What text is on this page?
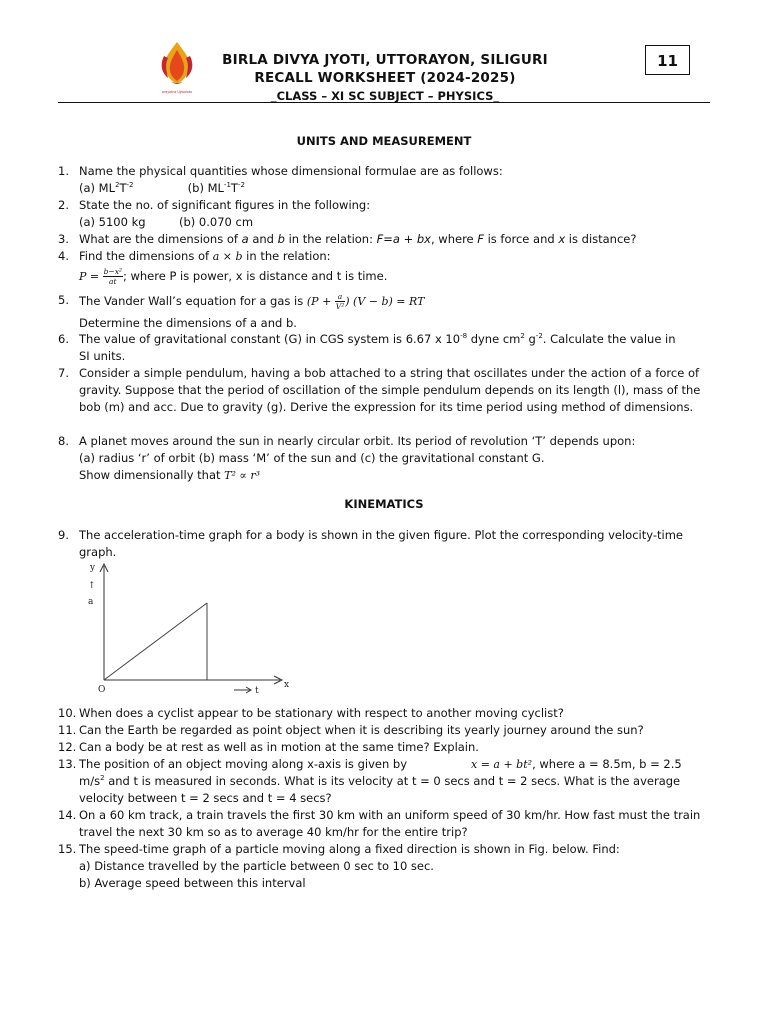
prayatna Ujjwalata
BIRLA DIVYA JYOTI, UTTORAYON, SILIGURI
RECALL WORKSHEET (2024-2025)
_CLASS – XI SC SUBJECT – PHYSICS_
11
UNITS AND MEASUREMENT
1. Name the physical quantities whose dimensional formulae are as follows:
(a) $ML^2T^{-2}$	(b) $ML^{-1}T^{-2}$
2. State the no. of significant figures in the following:
(a) 5100 kg	(b) 0.070 cm
3. What are the dimensions of a and b in the relation: F=a + bx, where F is force and x is distance?
4. Find the dimensions of a × b in the relation:
$P = \frac{\text{b−x²}}{at}$ ; where P is power, x is distance and t is time.
5. The Vander Wall’s equation for a gas is ($P + \frac{a}{\text{V²}}$ ) (V − b) = RT
Determine the dimensions of a and b.
6. The value of gravitational constant (G) in CGS system is 6.67 x $10^{-8}$ dyne $cm^2$ $g^{-2}$. Calculate the value in
SI units.
7. Consider a simple pendulum, having a bob attached to a string that oscillates under the action of a force of gravity. Suppose that the period of oscillation of the simple pendulum depends on its length (l), mass of the bob (m) and acc. Due to gravity (g). Derive the expression for its time period using method of dimensions.
8. A planet moves around the sun in nearly circular orbit. Its period of revolution ‘T’ depends upon:
(a) radius ‘r’ of orbit (b) mass ‘M’ of the sun and (c) the gravitational constant G.
Show dimensionally that T² ∝ r³
KINEMATICS
9. The acceleration-time graph for a body is shown in the given figure. Plot the corresponding velocity-time graph.
y
↑
a
O	x
t
10. When does a cyclist appear to be stationary with respect to another moving cyclist?
11. Can the Earth be regarded as point object when it is describing its yearly journey around the sun?
12. Can a body be at rest as well as in motion at the same time? Explain.
13. The position of an object moving along x-axis is given by	x = a + bt², where a = 8.5m, b = 2.5
$m/s^2$ and t is measured in seconds. What is its velocity at t = 0 secs and t = 2 secs. What is the average
velocity between t = 2 secs and t = 4 secs?
14. On a 60 km track, a train travels the first 30 km with an uniform speed of 30 km/hr. How fast must the train travel the next 30 km so as to average 40 km/hr for the entire trip?
15. The speed-time graph of a particle moving along a fixed direction is shown in Fig. below. Find:
a) Distance travelled by the particle between 0 sec to 10 sec.
b) Average speed between this interval
